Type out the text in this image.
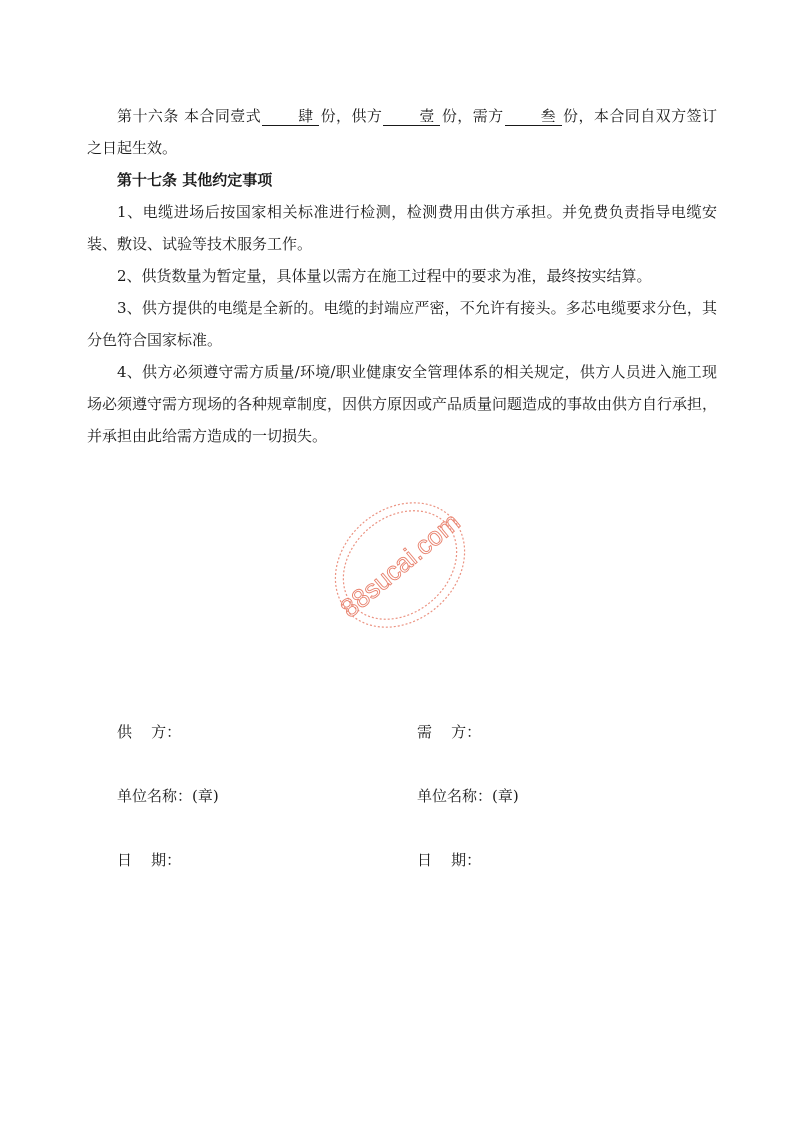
第十六条 本合同壹式 肆 份，供方 壹 份，需方 叁 份，本合同自双方签订之日起生效。

第十七条 其他约定事项

1、电缆进场后按国家相关标准进行检测，检测费用由供方承担。并免费负责指导电缆安装、敷设、试验等技术服务工作。

2、供货数量为暂定量，具体量以需方在施工过程中的要求为准，最终按实结算。

3、供方提供的电缆是全新的。电缆的封端应严密，不允许有接头。多芯电缆要求分色，其分色符合国家标准。

4、供方必须遵守需方质量/环境/职业健康安全管理体系的相关规定，供方人员进入施工现场必须遵守需方现场的各种规章制度，因供方原因或产品质量问题造成的事故由供方自行承担，并承担由此给需方造成的一切损失。

88sucai.com
供    方：	需    方：
单位名称：(章)	单位名称：(章)
日    期：	日    期：
